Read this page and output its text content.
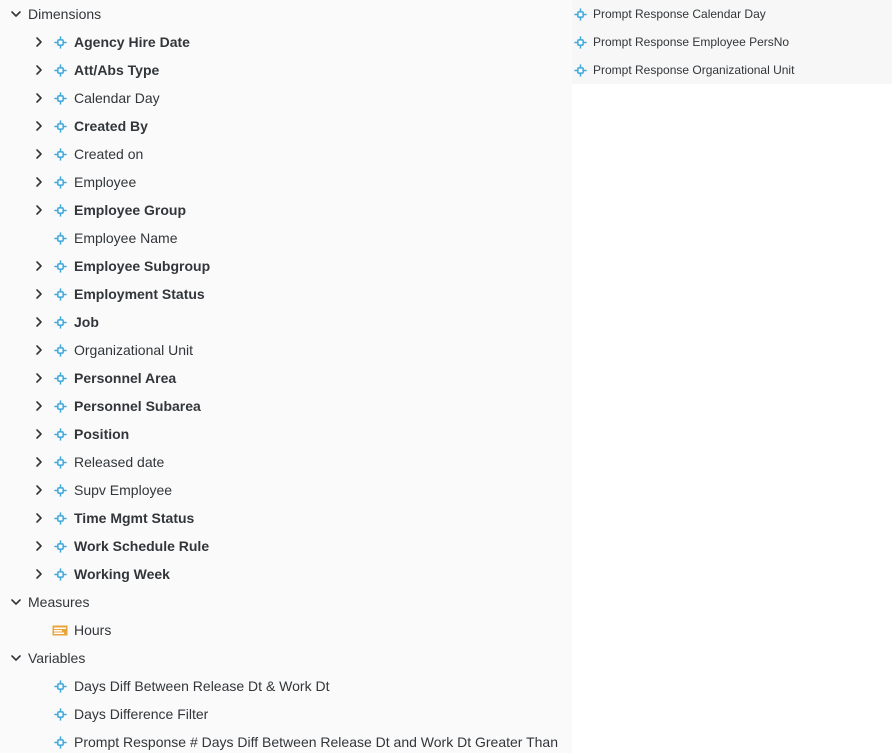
Dimensions
Agency Hire Date
Att/Abs Type
Calendar Day
Created By
Created on
Employee
Employee Group
Employee Name
Employee Subgroup
Employment Status
Job
Organizational Unit
Personnel Area
Personnel Subarea
Position
Released date
Supv Employee
Time Mgmt Status
Work Schedule Rule
Working Week
Measures
Hours
Variables
Days Diff Between Release Dt & Work Dt
Days Difference Filter
Prompt Response # Days Diff Between Release Dt and Work Dt Greater Than
Prompt Response Calendar Day
Prompt Response Employee PersNo
Prompt Response Organizational Unit
